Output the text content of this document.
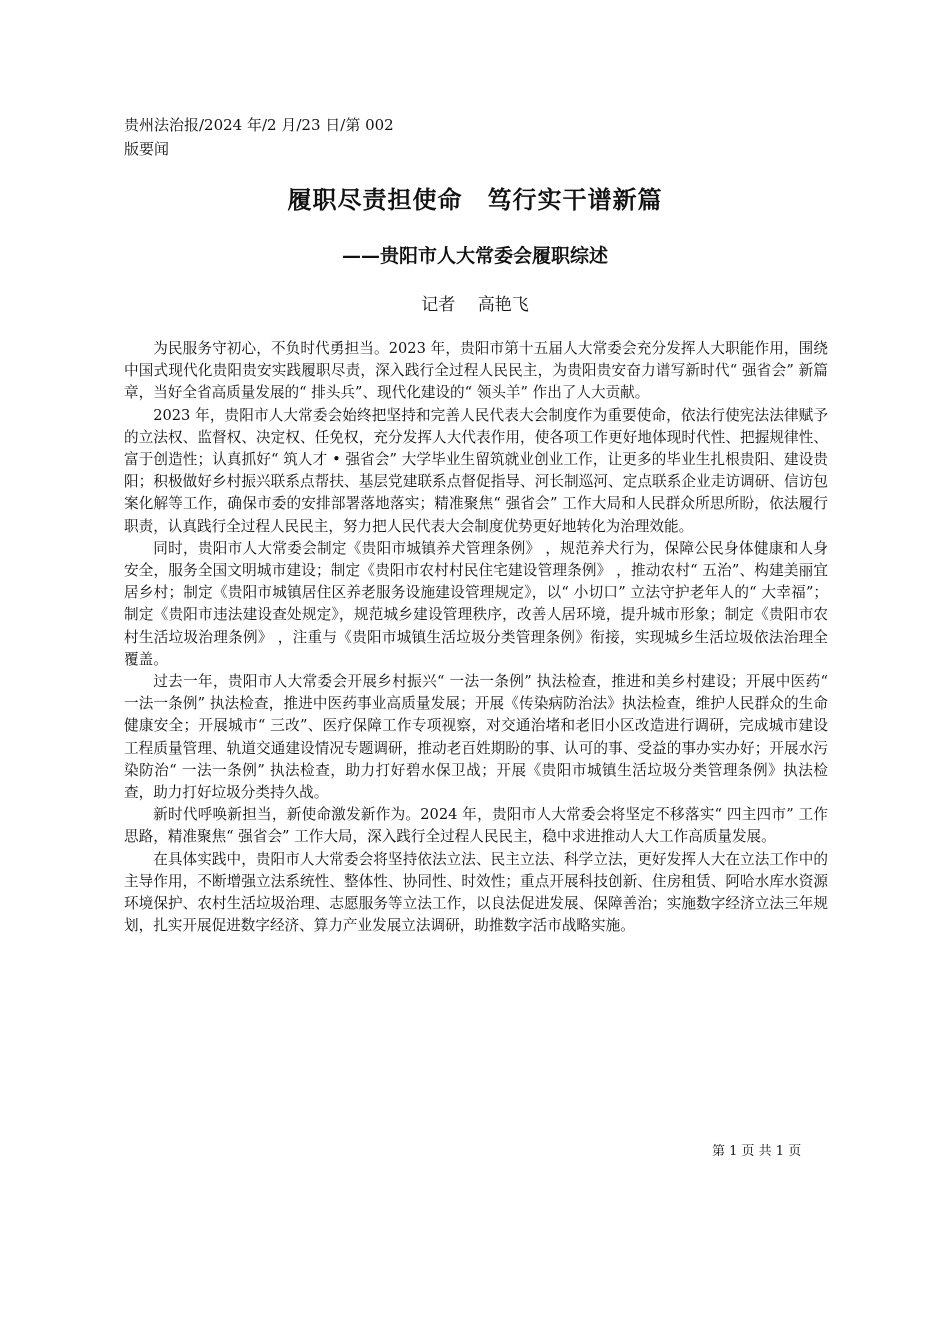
贵州法治报/2024 年/2 月/23 日/第 002
版要闻
履职尽责担使命　笃行实干谱新篇
——贵阳市人大常委会履职综述
记者　 高艳飞

为民服务守初心，不负时代勇担当。2023 年，贵阳市第十五届人大常委会充分发挥人大职能作用，围绕中国式现代化贵阳贵安实践履职尽责，深入践行全过程人民民主，为贵阳贵安奋力谱写新时代“ 强省会” 新篇章，当好全省高质量发展的“ 排头兵”、现代化建设的“ 领头羊” 作出了人大贡献。

2023 年，贵阳市人大常委会始终把坚持和完善人民代表大会制度作为重要使命，依法行使宪法法律赋予的立法权、监督权、决定权、任免权，充分发挥人大代表作用，使各项工作更好地体现时代性、把握规律性、富于创造性；认真抓好“ 筑人才 • 强省会” 大学毕业生留筑就业创业工作，让更多的毕业生扎根贵阳、建设贵阳；积极做好乡村振兴联系点帮扶、基层党建联系点督促指导、河长制巡河、定点联系企业走访调研、信访包案化解等工作，确保市委的安排部署落地落实；精准聚焦“ 强省会” 工作大局和人民群众所思所盼，依法履行职责，认真践行全过程人民民主，努力把人民代表大会制度优势更好地转化为治理效能。

同时，贵阳市人大常委会制定《贵阳市城镇养犬管理条例》 ，规范养犬行为，保障公民身体健康和人身安全，服务全国文明城市建设；制定《贵阳市农村村民住宅建设管理条例》 ，推动农村“ 五治”、构建美丽宜居乡村；制定《贵阳市城镇居住区养老服务设施建设管理规定》，以“ 小切口” 立法守护老年人的“ 大幸福”；制定《贵阳市违法建设查处规定》，规范城乡建设管理秩序，改善人居环境，提升城市形象；制定《贵阳市农村生活垃圾治理条例》 ，注重与《贵阳市城镇生活垃圾分类管理条例》衔接，实现城乡生活垃圾依法治理全覆盖。

过去一年，贵阳市人大常委会开展乡村振兴“ 一法一条例” 执法检查，推进和美乡村建设；开展中医药“ 一法一条例” 执法检查，推进中医药事业高质量发展；开展《传染病防治法》执法检查，维护人民群众的生命健康安全；开展城市“ 三改”、医疗保障工作专项视察，对交通治堵和老旧小区改造进行调研，完成城市建设工程质量管理、轨道交通建设情况专题调研，推动老百姓期盼的事、认可的事、受益的事办实办好；开展水污染防治“ 一法一条例” 执法检查，助力打好碧水保卫战；开展《贵阳市城镇生活垃圾分类管理条例》执法检查，助力打好垃圾分类持久战。

新时代呼唤新担当，新使命激发新作为。2024 年，贵阳市人大常委会将坚定不移落实“ 四主四市” 工作思路，精准聚焦“ 强省会” 工作大局，深入践行全过程人民民主，稳中求进推动人大工作高质量发展。

在具体实践中，贵阳市人大常委会将坚持依法立法、民主立法、科学立法，更好发挥人大在立法工作中的主导作用，不断增强立法系统性、整体性、协同性、时效性；重点开展科技创新、住房租赁、阿哈水库水资源环境保护、农村生活垃圾治理、志愿服务等立法工作，以良法促进发展、保障善治；实施数字经济立法三年规划，扎实开展促进数字经济、算力产业发展立法调研，助推数字活市战略实施。

第 1 页 共 1 页
